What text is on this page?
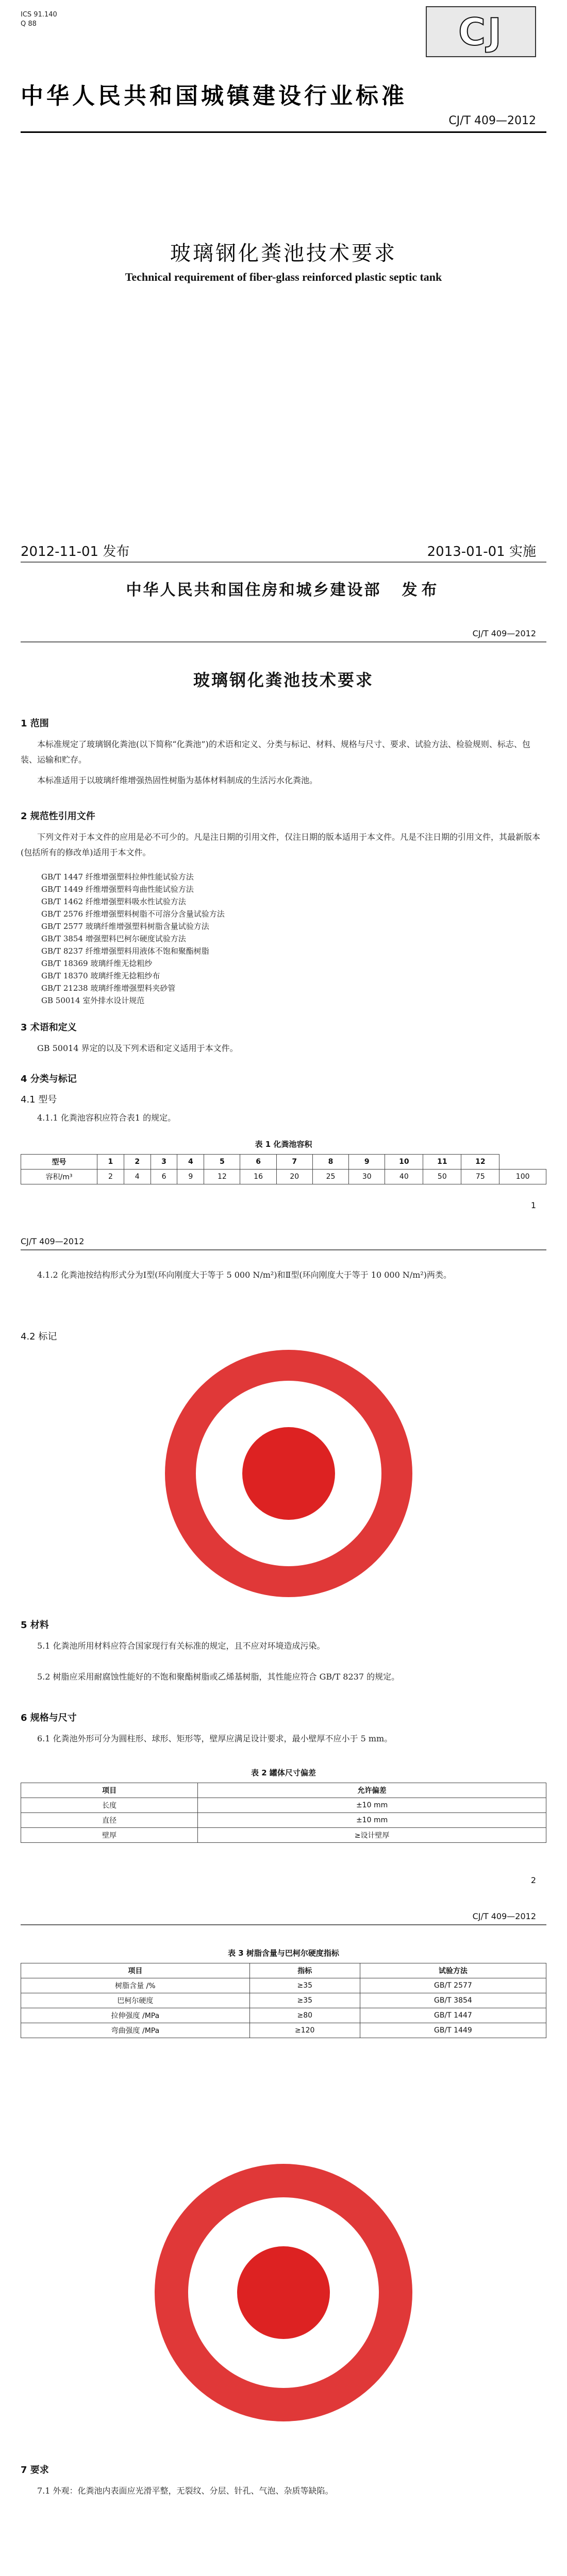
ICS 91.140
Q 88	CJ
中华人民共和国城镇建设行业标准
CJ/T 409—2012
玻璃钢化粪池技术要求
Technical requirement of fiber-glass reinforced plastic septic tank
2012-11-01 发布	2013-01-01 实施
中华人民共和国住房和城乡建设部 发布
CJ/T 409—2012
玻璃钢化粪池技术要求
1 范围
本标准规定了玻璃钢化粪池(以下简称“化粪池”)的术语和定义、分类与标记、材料、规格与尺寸、要求、试验方法、检验规则、标志、包装、运输和贮存。
本标准适用于以玻璃纤维增强热固性树脂为基体材料制成的生活污水化粪池。
2 规范性引用文件
下列文件对于本文件的应用是必不可少的。凡是注日期的引用文件，仅注日期的版本适用于本文件。凡是不注日期的引用文件，其最新版本(包括所有的修改单)适用于本文件。
GB/T 1447 纤维增强塑料拉伸性能试验方法
GB/T 1449 纤维增强塑料弯曲性能试验方法
GB/T 1462 纤维增强塑料吸水性试验方法
GB/T 2576 纤维增强塑料树脂不可溶分含量试验方法
GB/T 2577 玻璃纤维增强塑料树脂含量试验方法
GB/T 3854 增强塑料巴柯尔硬度试验方法
GB/T 8237 纤维增强塑料用液体不饱和聚酯树脂
GB/T 18369 玻璃纤维无捻粗纱
GB/T 18370 玻璃纤维无捻粗纱布
GB/T 21238 玻璃纤维增强塑料夹砂管
GB 50014 室外排水设计规范
3 术语和定义
GB 50014 界定的以及下列术语和定义适用于本文件。
4 分类与标记
4.1 型号
4.1.1 化粪池容积应符合表1 的规定。
表 1 化粪池容积
型号	1	2	3	4	5	6	7	8	9	10	11	12	
容积/m³	2	4	6	9	12	16	20	25	30	40	50	75	100
1
CJ/T 409—2012
4.1.2 化粪池按结构形式分为Ⅰ型(环向刚度大于等于 5 000 N/m²)和Ⅱ型(环向刚度大于等于 10 000 N/m²)两类。
4.2 标记
5 材料
5.1 化粪池所用材料应符合国家现行有关标准的规定，且不应对环境造成污染。
5.2 树脂应采用耐腐蚀性能好的不饱和聚酯树脂或乙烯基树脂，其性能应符合 GB/T 8237 的规定。
6 规格与尺寸
6.1 化粪池外形可分为圆柱形、球形、矩形等，壁厚应满足设计要求，最小壁厚不应小于 5 mm。
表 2 罐体尺寸偏差
项目	允许偏差
长度	±10 mm
直径	±10 mm
壁厚	≥设计壁厚
2
CJ/T 409—2012
表 3 树脂含量与巴柯尔硬度指标
项目	指标	试验方法
树脂含量 /%	≥35	GB/T 2577
巴柯尔硬度	≥35	GB/T 3854
拉伸强度 /MPa	≥80	GB/T 1447
弯曲强度 /MPa	≥120	GB/T 1449
7 要求
7.1 外观：化粪池内表面应光滑平整，无裂纹、分层、针孔、气泡、杂质等缺陷。
